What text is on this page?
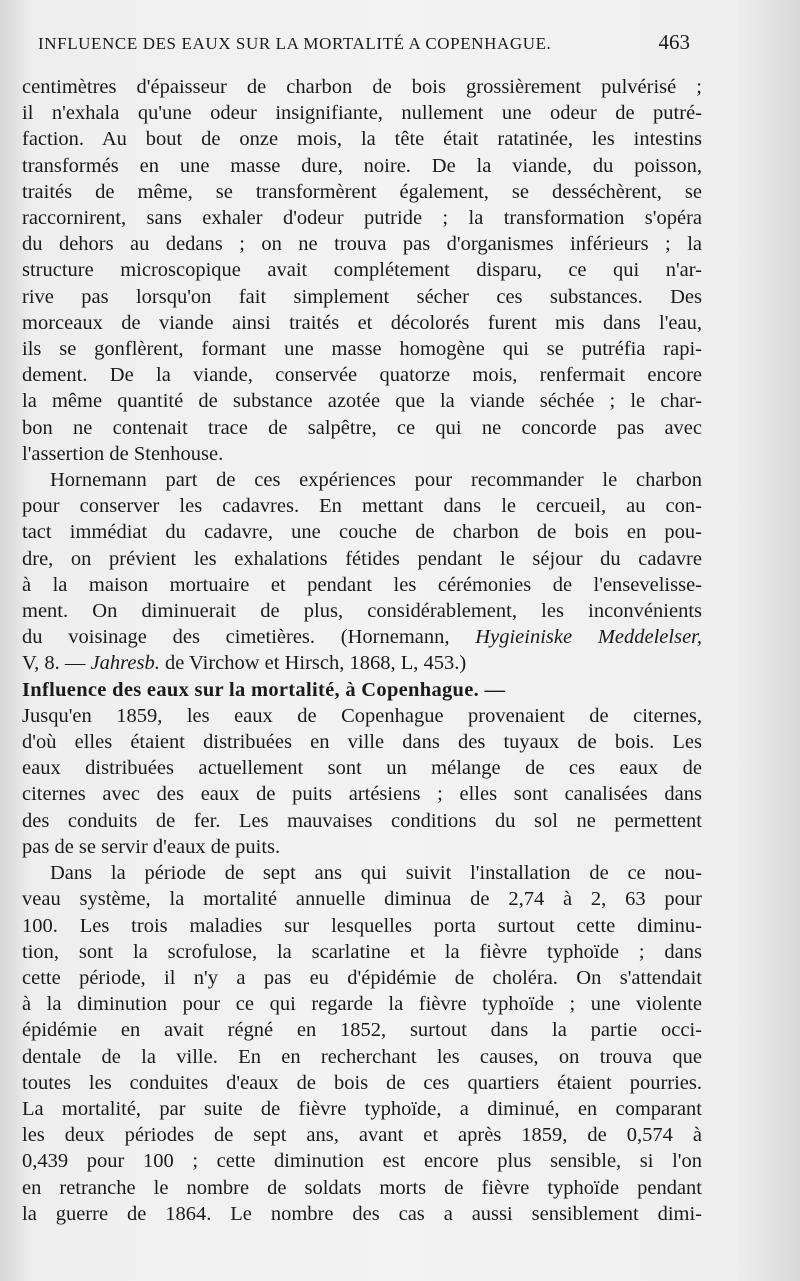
INFLUENCE DES EAUX SUR LA MORTALITÉ A COPENHAGUE.	463

centimètres d'épaisseur de charbon de bois grossièrement pulvérisé ;
il n'exhala qu'une odeur insignifiante, nullement une odeur de putré-
faction. Au bout de onze mois, la tête était ratatinée, les intestins
transformés en une masse dure, noire. De la viande, du poisson,
traités de même, se transformèrent également, se desséchèrent, se
raccornirent, sans exhaler d'odeur putride ; la transformation s'opéra
du dehors au dedans ; on ne trouva pas d'organismes inférieurs ; la
structure microscopique avait complétement disparu, ce qui n'ar-
rive pas lorsqu'on fait simplement sécher ces substances. Des
morceaux de viande ainsi traités et décolorés furent mis dans l'eau,
ils se gonflèrent, formant une masse homogène qui se putréfia rapi-
dement. De la viande, conservée quatorze mois, renfermait encore
la même quantité de substance azotée que la viande séchée ; le char-
bon ne contenait trace de salpêtre, ce qui ne concorde pas avec
l'assertion de Stenhouse.

Hornemann part de ces expériences pour recommander le charbon
pour conserver les cadavres. En mettant dans le cercueil, au con-
tact immédiat du cadavre, une couche de charbon de bois en pou-
dre, on prévient les exhalations fétides pendant le séjour du cadavre
à la maison mortuaire et pendant les cérémonies de l'ensevelisse-
ment. On diminuerait de plus, considérablement, les inconvénients
du voisinage des cimetières. (Hornemann, Hygieiniske Meddelelser,
V, 8. — Jahresb. de Virchow et Hirsch, 1868, L, 453.)

Influence des eaux sur la mortalité, à Copenhague. —
Jusqu'en 1859, les eaux de Copenhague provenaient de citernes,
d'où elles étaient distribuées en ville dans des tuyaux de bois. Les
eaux distribuées actuellement sont un mélange de ces eaux de
citernes avec des eaux de puits artésiens ; elles sont canalisées dans
des conduits de fer. Les mauvaises conditions du sol ne permettent
pas de se servir d'eaux de puits.

Dans la période de sept ans qui suivit l'installation de ce nou-
veau système, la mortalité annuelle diminua de 2,74 à 2, 63 pour
100. Les trois maladies sur lesquelles porta surtout cette diminu-
tion, sont la scrofulose, la scarlatine et la fièvre typhoïde ; dans
cette période, il n'y a pas eu d'épidémie de choléra. On s'attendait
à la diminution pour ce qui regarde la fièvre typhoïde ; une violente
épidémie en avait régné en 1852, surtout dans la partie occi-
dentale de la ville. En en recherchant les causes, on trouva que
toutes les conduites d'eaux de bois de ces quartiers étaient pourries.
La mortalité, par suite de fièvre typhoïde, a diminué, en comparant
les deux périodes de sept ans, avant et après 1859, de 0,574 à
0,439 pour 100 ; cette diminution est encore plus sensible, si l'on
en retranche le nombre de soldats morts de fièvre typhoïde pendant
la guerre de 1864. Le nombre des cas a aussi sensiblement dimi-
